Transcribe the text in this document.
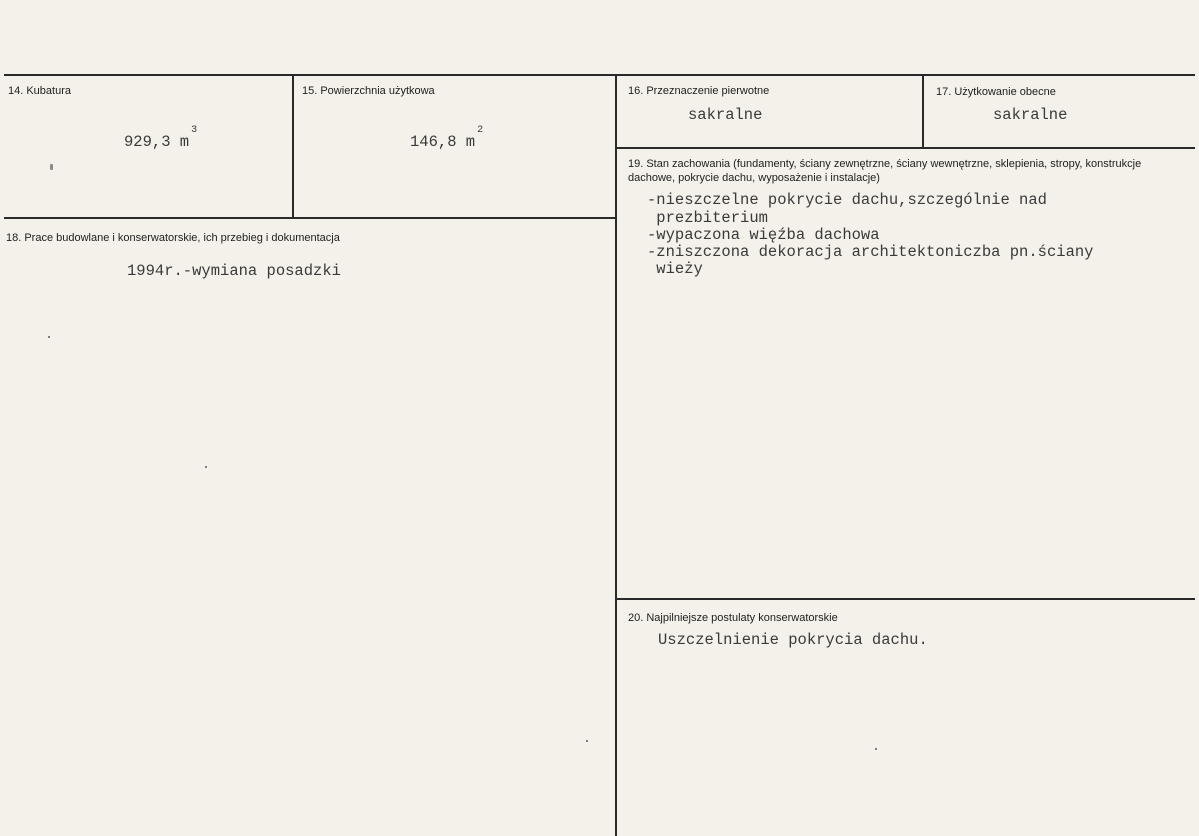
14. Kubatura
929,3 $m^3$
15. Powierzchnia użytkowa
146,8 $m^2$
16. Przeznaczenie pierwotne
sakralne
17. Użytkowanie obecne
sakralne
18. Prace budowlane i konserwatorskie, ich przebieg i dokumentacja
1994r.-wymiana posadzki
19. Stan zachowania (fundamenty, ściany zewnętrzne, ściany wewnętrzne, sklepienia, stropy, konstrukcje dachowe, pokrycie dachu, wyposażenie i instalacje)
-nieszczelne pokrycie dachu,szczególnie nad
prezbiterium
-wypaczona więźba dachowa
-zniszczona dekoracja architektoniczba pn.ściany
wieży
20. Najpilniejsze postulaty konserwatorskie
Uszczelnienie pokrycia dachu.
